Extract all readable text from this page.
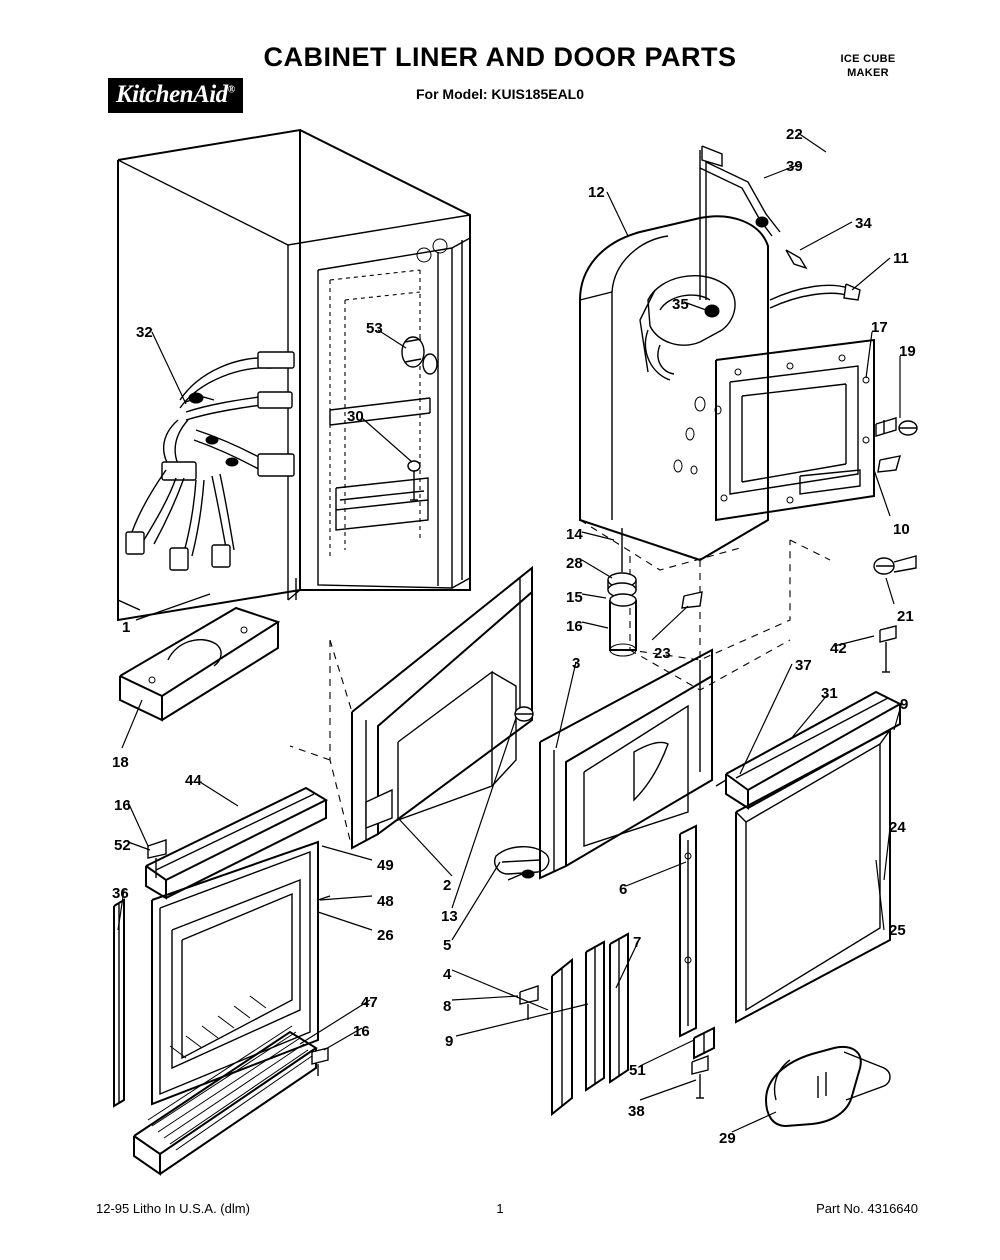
KitchenAid®
CABINET LINER AND DOOR PARTS
For Model: KUIS185EAL0
ICE CUBE
MAKER
22
39
12
34
11
35
32	17
19
53
30
10
14
28
15
16
23
21
42
1
3	37
31
9
18
44
16
24
52
49
2	6
36	48
13
26	25
5	7
4
8
47
16
9
51
38
29
12-95 Litho In U.S.A. (dlm)	1	Part No. 4316640
